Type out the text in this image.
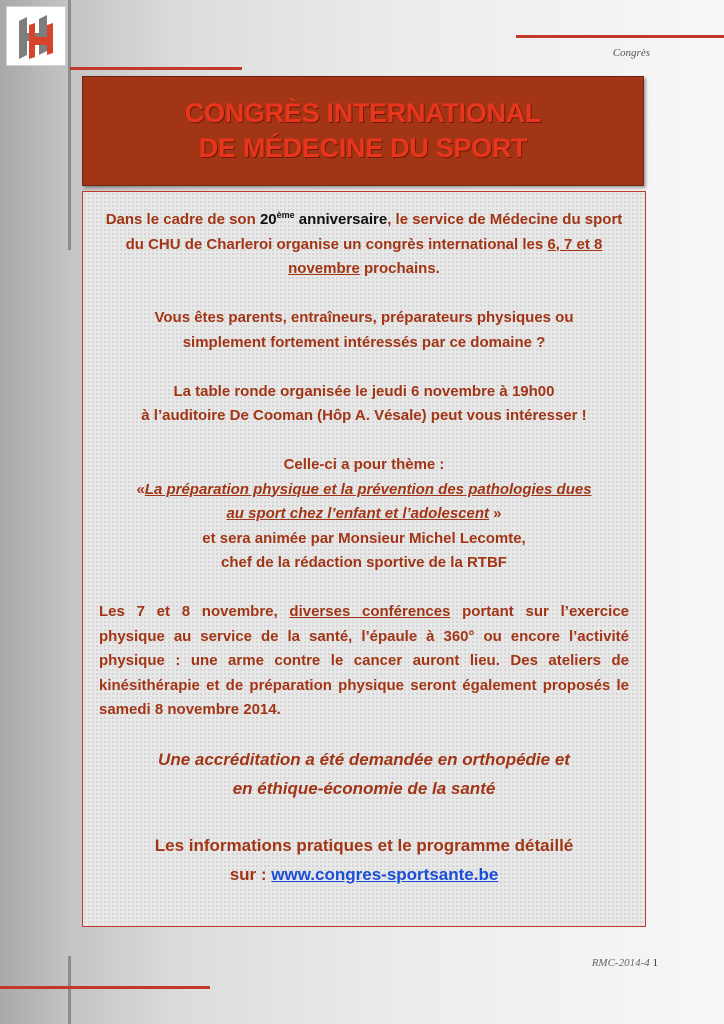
Congrès
CONGRÈS INTERNATIONAL
DE MÉDECINE DU SPORT
Dans le cadre de son 20ème anniversaire, le service de Médecine du sport du CHU de Charleroi organise un congrès international les 6, 7 et 8 novembre prochains.
Vous êtes parents, entraîneurs, préparateurs physiques ou
simplement fortement intéressés par ce domaine ?
La table ronde organisée le jeudi 6 novembre à 19h00
à l’auditoire De Cooman (Hôp A. Vésale) peut vous intéresser !
Celle-ci a pour thème :
«La préparation physique et la prévention des pathologies dues
au sport chez l’enfant et l’adolescent »
et sera animée par Monsieur Michel Lecomte,
chef de la rédaction sportive de la RTBF
Les 7 et 8 novembre, diverses conférences portant sur l’exercice physique au service de la santé, l’épaule à 360° ou encore l’activité physique : une arme contre le cancer auront lieu. Des ateliers de kinésithérapie et de préparation physique seront également proposés le samedi 8 novembre 2014.
Une accréditation a été demandée en orthopédie et
en éthique-économie de la santé
Les informations pratiques et le programme détaillé
sur : www.congres-sportsante.be
RMC-2014-4 1
